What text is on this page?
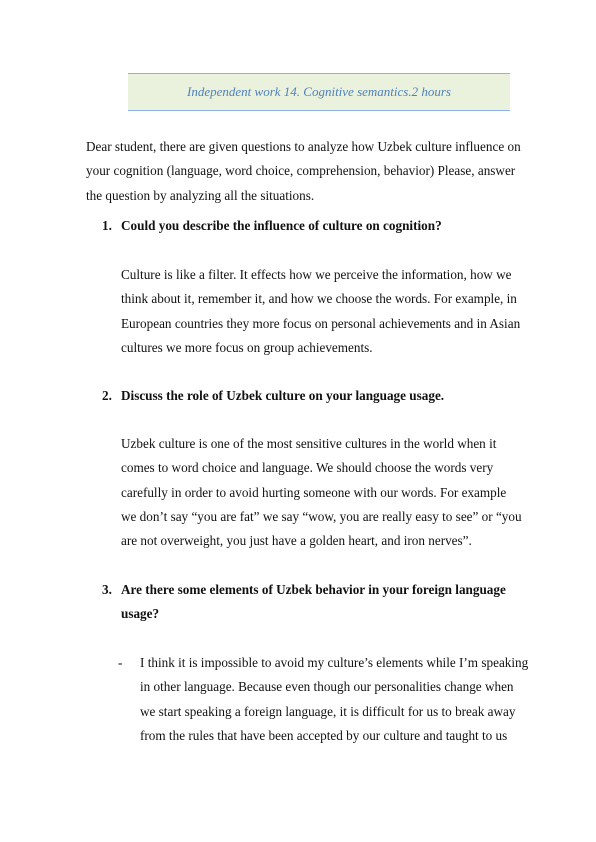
Independent work 14. Cognitive semantics.2 hours
Dear student, there are given questions to analyze how Uzbek culture influence on
your cognition (language, word choice, comprehension, behavior) Please, answer
the question by analyzing all the situations.
1. Could you describe the influence of culture on cognition?
Culture is like a filter. It effects how we perceive the information, how we
think about it, remember it, and how we choose the words. For example, in
European countries they more focus on personal achievements and in Asian
cultures we more focus on group achievements.
2. Discuss the role of Uzbek culture on your language usage.
Uzbek culture is one of the most sensitive cultures in the world when it
comes to word choice and language. We should choose the words very
carefully in order to avoid hurting someone with our words. For example
we don’t say “you are fat” we say “wow, you are really easy to see” or “you
are not overweight, you just have a golden heart, and iron nerves”.
3. Are there some elements of Uzbek behavior in your foreign language
usage?
- I think it is impossible to avoid my culture’s elements while I’m speaking
in other language. Because even though our personalities change when
we start speaking a foreign language, it is difficult for us to break away
from the rules that have been accepted by our culture and taught to us
